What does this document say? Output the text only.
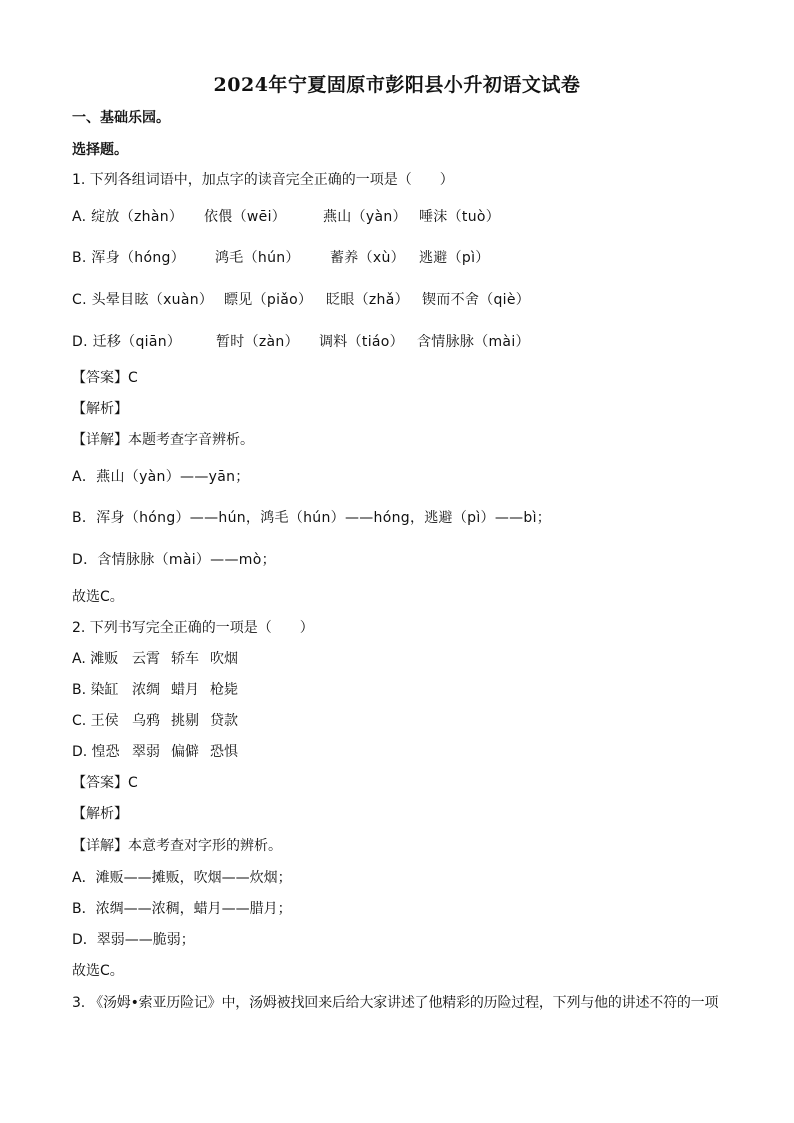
2024年宁夏固原市彭阳县小升初语文试卷
一、基础乐园。
选择题。
1. 下列各组词语中，加点字的读音完全正确的一项是（　　）
A. 绽放（zhàn） 依偎（wēi）	燕山（yàn） 唾沫（tuò）
B. 浑身（hóng） 鸿毛（hún） 蓄养（xù） 逃避（pì）
C. 头晕目眩（xuàn） 瞟见（piǎo） 眨眼（zhǎ） 锲而不舍（qiè）
D. 迁移（qiān） 暂时（zàn） 调料（tiáo） 含情脉脉（mài）
【答案】C
【解析】
【详解】本题考查字音辨析。
A．燕山（yàn）——yān；
B．浑身（hóng）——hún，鸿毛（hún）——hóng，逃避（pì）——bì；
D．含情脉脉（mài）——mò；
故选C。
2. 下列书写完全正确的一项是（　　）
A. 滩贩 云霄 轿车 吹烟
B. 染缸 浓绸 蜡月 枪毙
C. 王侯 乌鸦 挑剔 贷款
D. 惶恐 翠弱 偏僻 恐惧
【答案】C
【解析】
【详解】本意考查对字形的辨析。
A．滩贩——摊贩，吹烟——炊烟；
B．浓绸——浓稠，蜡月——腊月；
D．翠弱——脆弱；
故选C。
3. 《汤姆•索亚历险记》中，汤姆被找回来后给大家讲述了他精彩的历险过程，下列与他的讲述不符的一项
